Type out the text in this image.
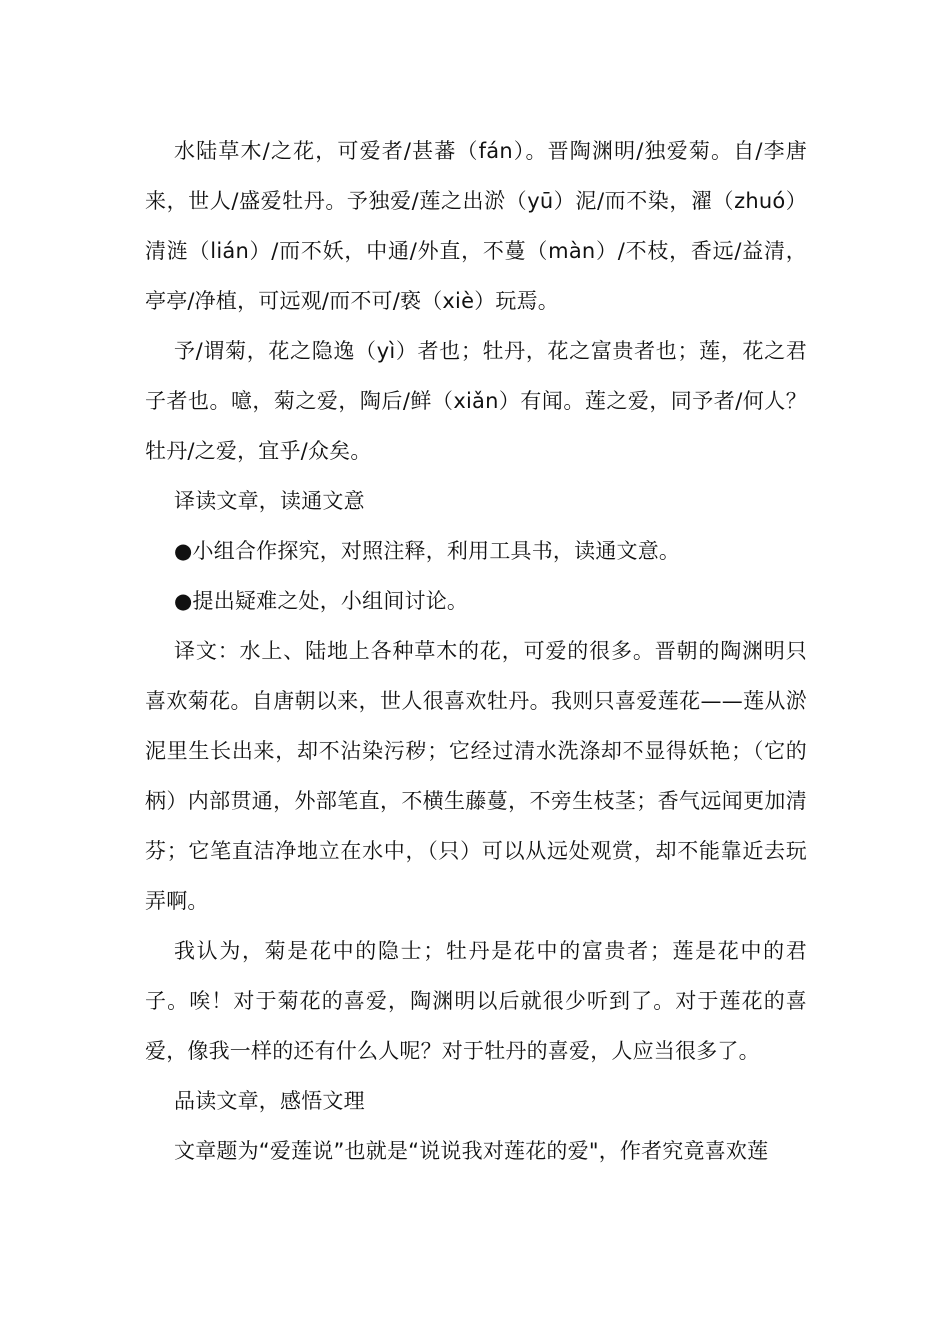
水陆草木/之花，可爱者/甚蕃（fán）。晋陶渊明/独爱菊。自/李唐来，世人/盛爱牡丹。予独爱/莲之出淤（yū）泥/而不染，濯（zhuó）清涟（lián）/而不妖，中通/外直，不蔓（màn）/不枝，香远/益清，亭亭/净植，可远观/而不可/亵（xiè）玩焉。

予/谓菊，花之隐逸（yì）者也；牡丹，花之富贵者也；莲，花之君子者也。噫，菊之爱，陶后/鲜（xiǎn）有闻。莲之爱，同予者/何人？牡丹/之爱，宜乎/众矣。

译读文章，读通文意

●小组合作探究，对照注释，利用工具书，读通文意。

●提出疑难之处，小组间讨论。

译文：水上、陆地上各种草木的花，可爱的很多。晋朝的陶渊明只喜欢菊花。自唐朝以来，世人很喜欢牡丹。我则只喜爱莲花——莲从淤泥里生长出来，却不沾染污秽；它经过清水洗涤却不显得妖艳；（它的柄）内部贯通，外部笔直，不横生藤蔓，不旁生枝茎；香气远闻更加清芬；它笔直洁净地立在水中，（只）可以从远处观赏，却不能靠近去玩弄啊。

我认为，菊是花中的隐士；牡丹是花中的富贵者；莲是花中的君子。唉！对于菊花的喜爱，陶渊明以后就很少听到了。对于莲花的喜爱，像我一样的还有什么人呢？对于牡丹的喜爱，人应当很多了。

品读文章，感悟文理

文章题为“爱莲说”也就是“说说我对莲花的爱"，作者究竟喜欢莲
